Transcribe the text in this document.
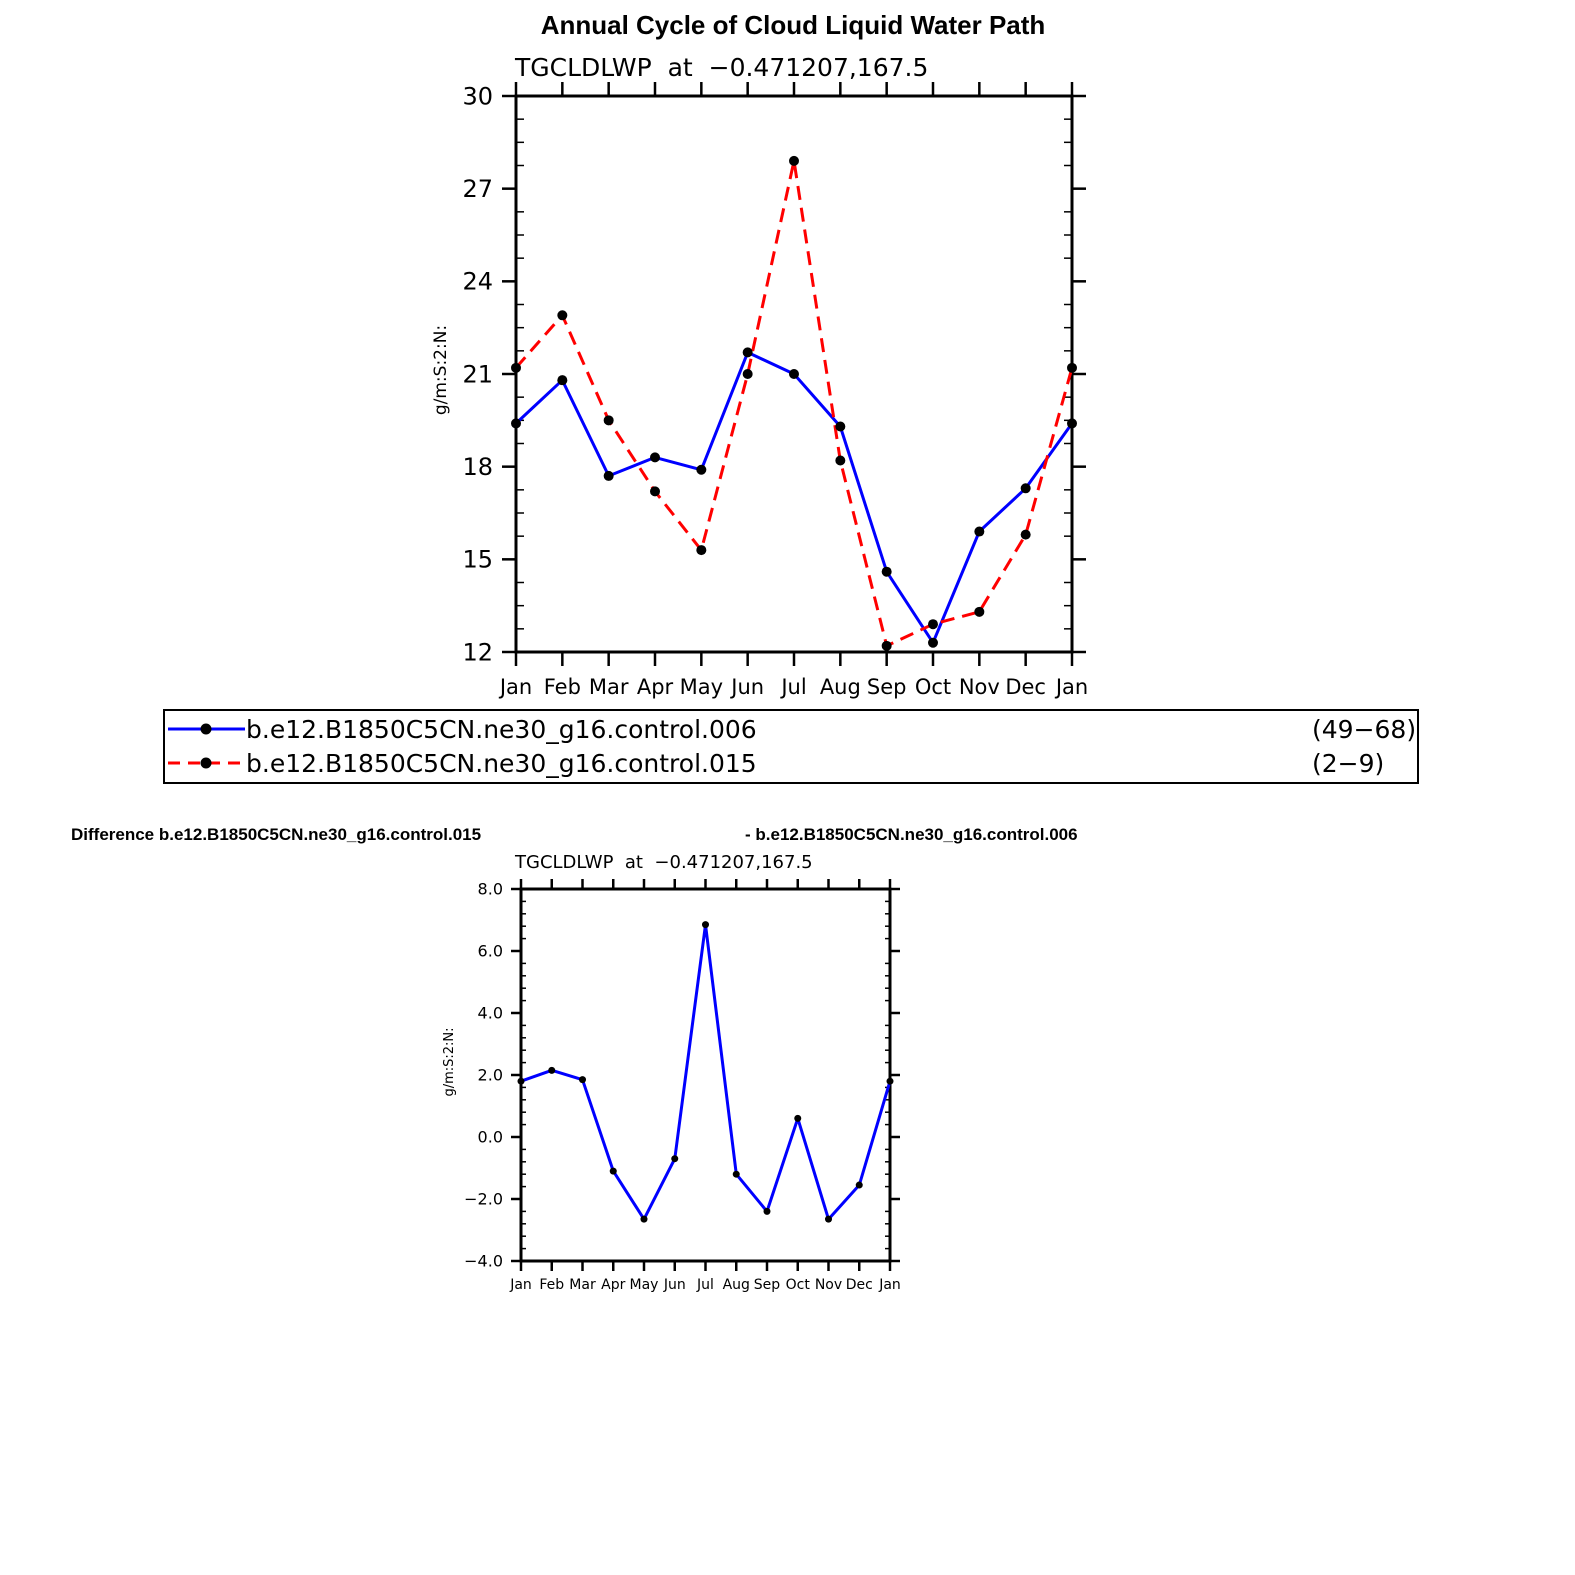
Annual Cycle of Cloud Liquid Water Path
TGCLDLWP  at  −0.471207,167.5
g/m:S:2:N:
12
15
18
21
24
27
30
Jan Feb Mar Apr May Jun Jul Aug Sep Oct Nov Dec Jan
b.e12.B1850C5CN.ne30_g16.control.006	(49−68)
b.e12.B1850C5CN.ne30_g16.control.015	(2−9)
Difference b.e12.B1850C5CN.ne30_g16.control.015	- b.e12.B1850C5CN.ne30_g16.control.006
TGCLDLWP  at  −0.471207,167.5
g/m:S:2:N:
−4.0
−2.0
0.0
2.0
4.0
6.0
8.0
Jan Feb Mar Apr May Jun Jul Aug Sep Oct Nov Dec Jan
